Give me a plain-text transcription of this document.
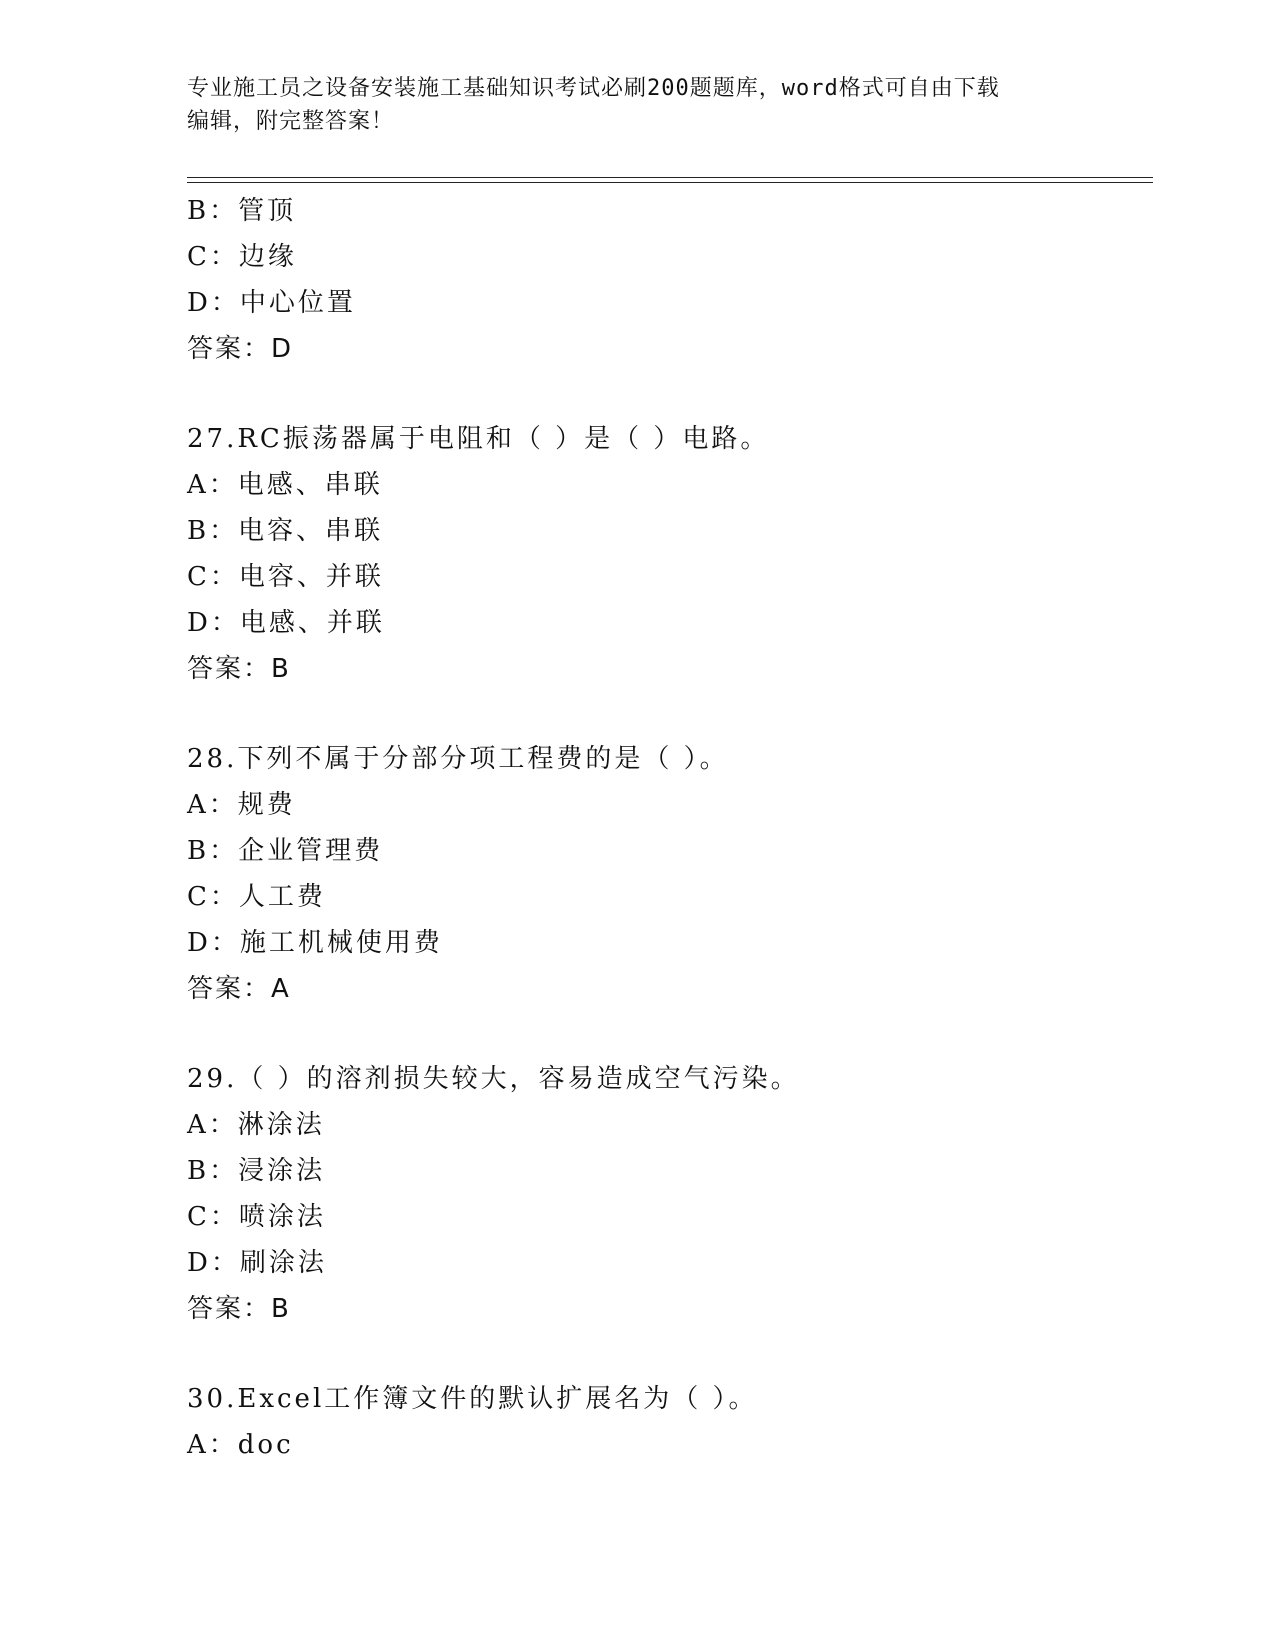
专业施工员之设备安装施工基础知识考试必刷200题题库，word格式可自由下载
编辑，附完整答案！
B：管顶
C：边缘
D：中心位置
答案：D
27.RC振荡器属于电阻和（ ）是（ ）电路。
A：电感、串联
B：电容、串联
C：电容、并联
D：电感、并联
答案：B
28.下列不属于分部分项工程费的是（ ）。
A：规费
B：企业管理费
C：人工费
D：施工机械使用费
答案：A
29.（ ）的溶剂损失较大，容易造成空气污染。
A：淋涂法
B：浸涂法
C：喷涂法
D：刷涂法
答案：B
30.Excel工作簿文件的默认扩展名为（ ）。
A：doc
